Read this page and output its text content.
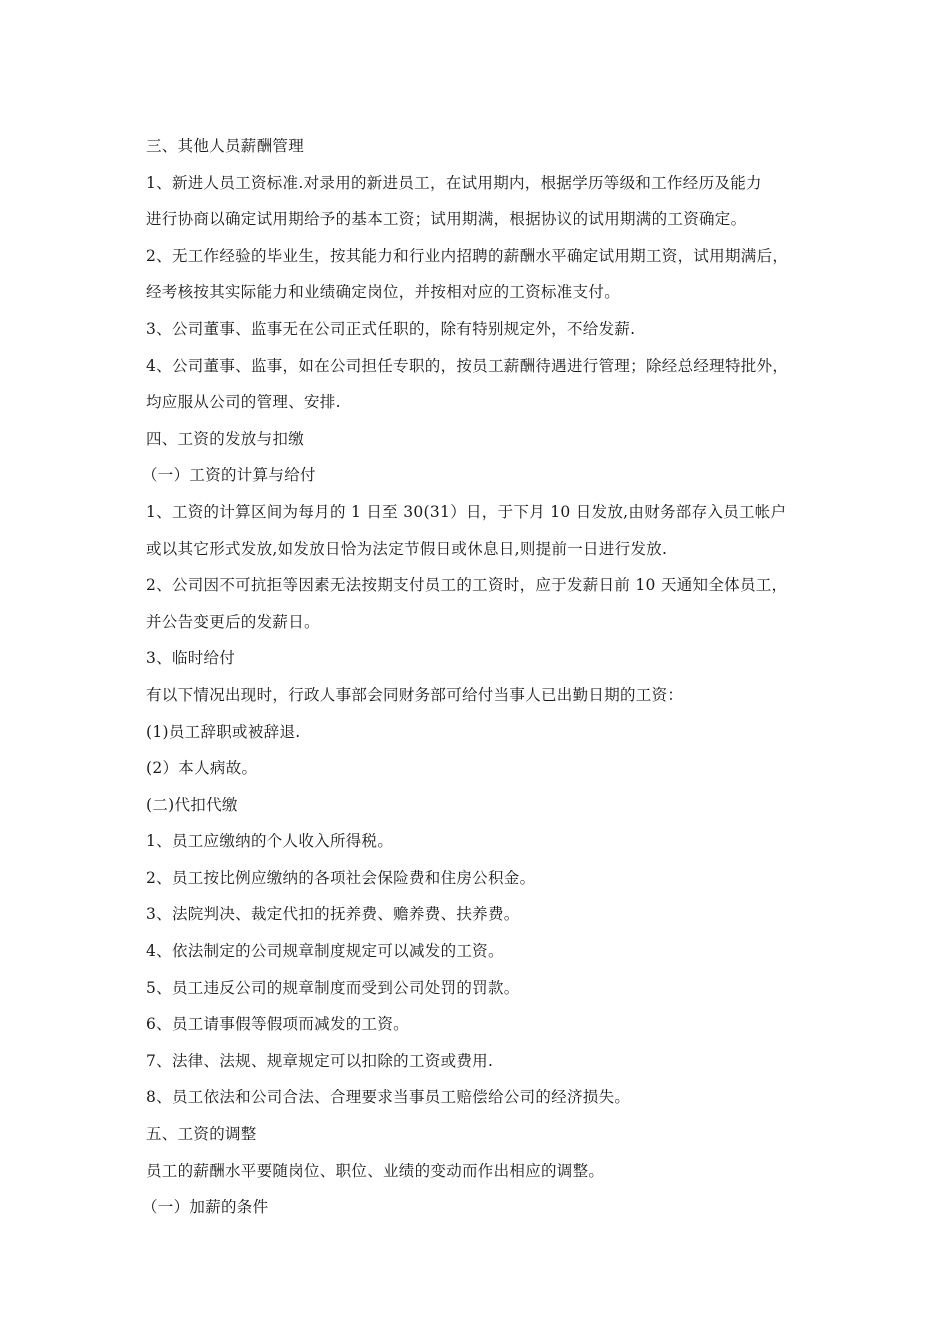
三、其他人员薪酬管理
1、新进人员工资标准.对录用的新进员工，在试用期内，根据学历等级和工作经历及能力
进行协商以确定试用期给予的基本工资；试用期满，根据协议的试用期满的工资确定。
2、无工作经验的毕业生，按其能力和行业内招聘的薪酬水平确定试用期工资，试用期满后，
经考核按其实际能力和业绩确定岗位，并按相对应的工资标准支付。
3、公司董事、监事无在公司正式任职的，除有特别规定外，不给发薪.
4、公司董事、监事，如在公司担任专职的，按员工薪酬待遇进行管理；除经总经理特批外，
均应服从公司的管理、安排.
四、工资的发放与扣缴
（一）工资的计算与给付
1、工资的计算区间为每月的 1 日至 30(31）日，于下月 10 日发放,由财务部存入员工帐户
或以其它形式发放,如发放日恰为法定节假日或休息日,则提前一日进行发放.
2、公司因不可抗拒等因素无法按期支付员工的工资时，应于发薪日前 10 天通知全体员工，
并公告变更后的发薪日。
3、临时给付
有以下情况出现时，行政人事部会同财务部可给付当事人已出勤日期的工资：
(1)员工辞职或被辞退.
(2）本人病故。
(二)代扣代缴
1、员工应缴纳的个人收入所得税。
2、员工按比例应缴纳的各项社会保险费和住房公积金。
3、法院判决、裁定代扣的抚养费、赡养费、扶养费。
4、依法制定的公司规章制度规定可以减发的工资。
5、员工违反公司的规章制度而受到公司处罚的罚款。
6、员工请事假等假项而减发的工资。
7、法律、法规、规章规定可以扣除的工资或费用.
8、员工依法和公司合法、合理要求当事员工赔偿给公司的经济损失。
五、工资的调整
员工的薪酬水平要随岗位、职位、业绩的变动而作出相应的调整。
（一）加薪的条件
